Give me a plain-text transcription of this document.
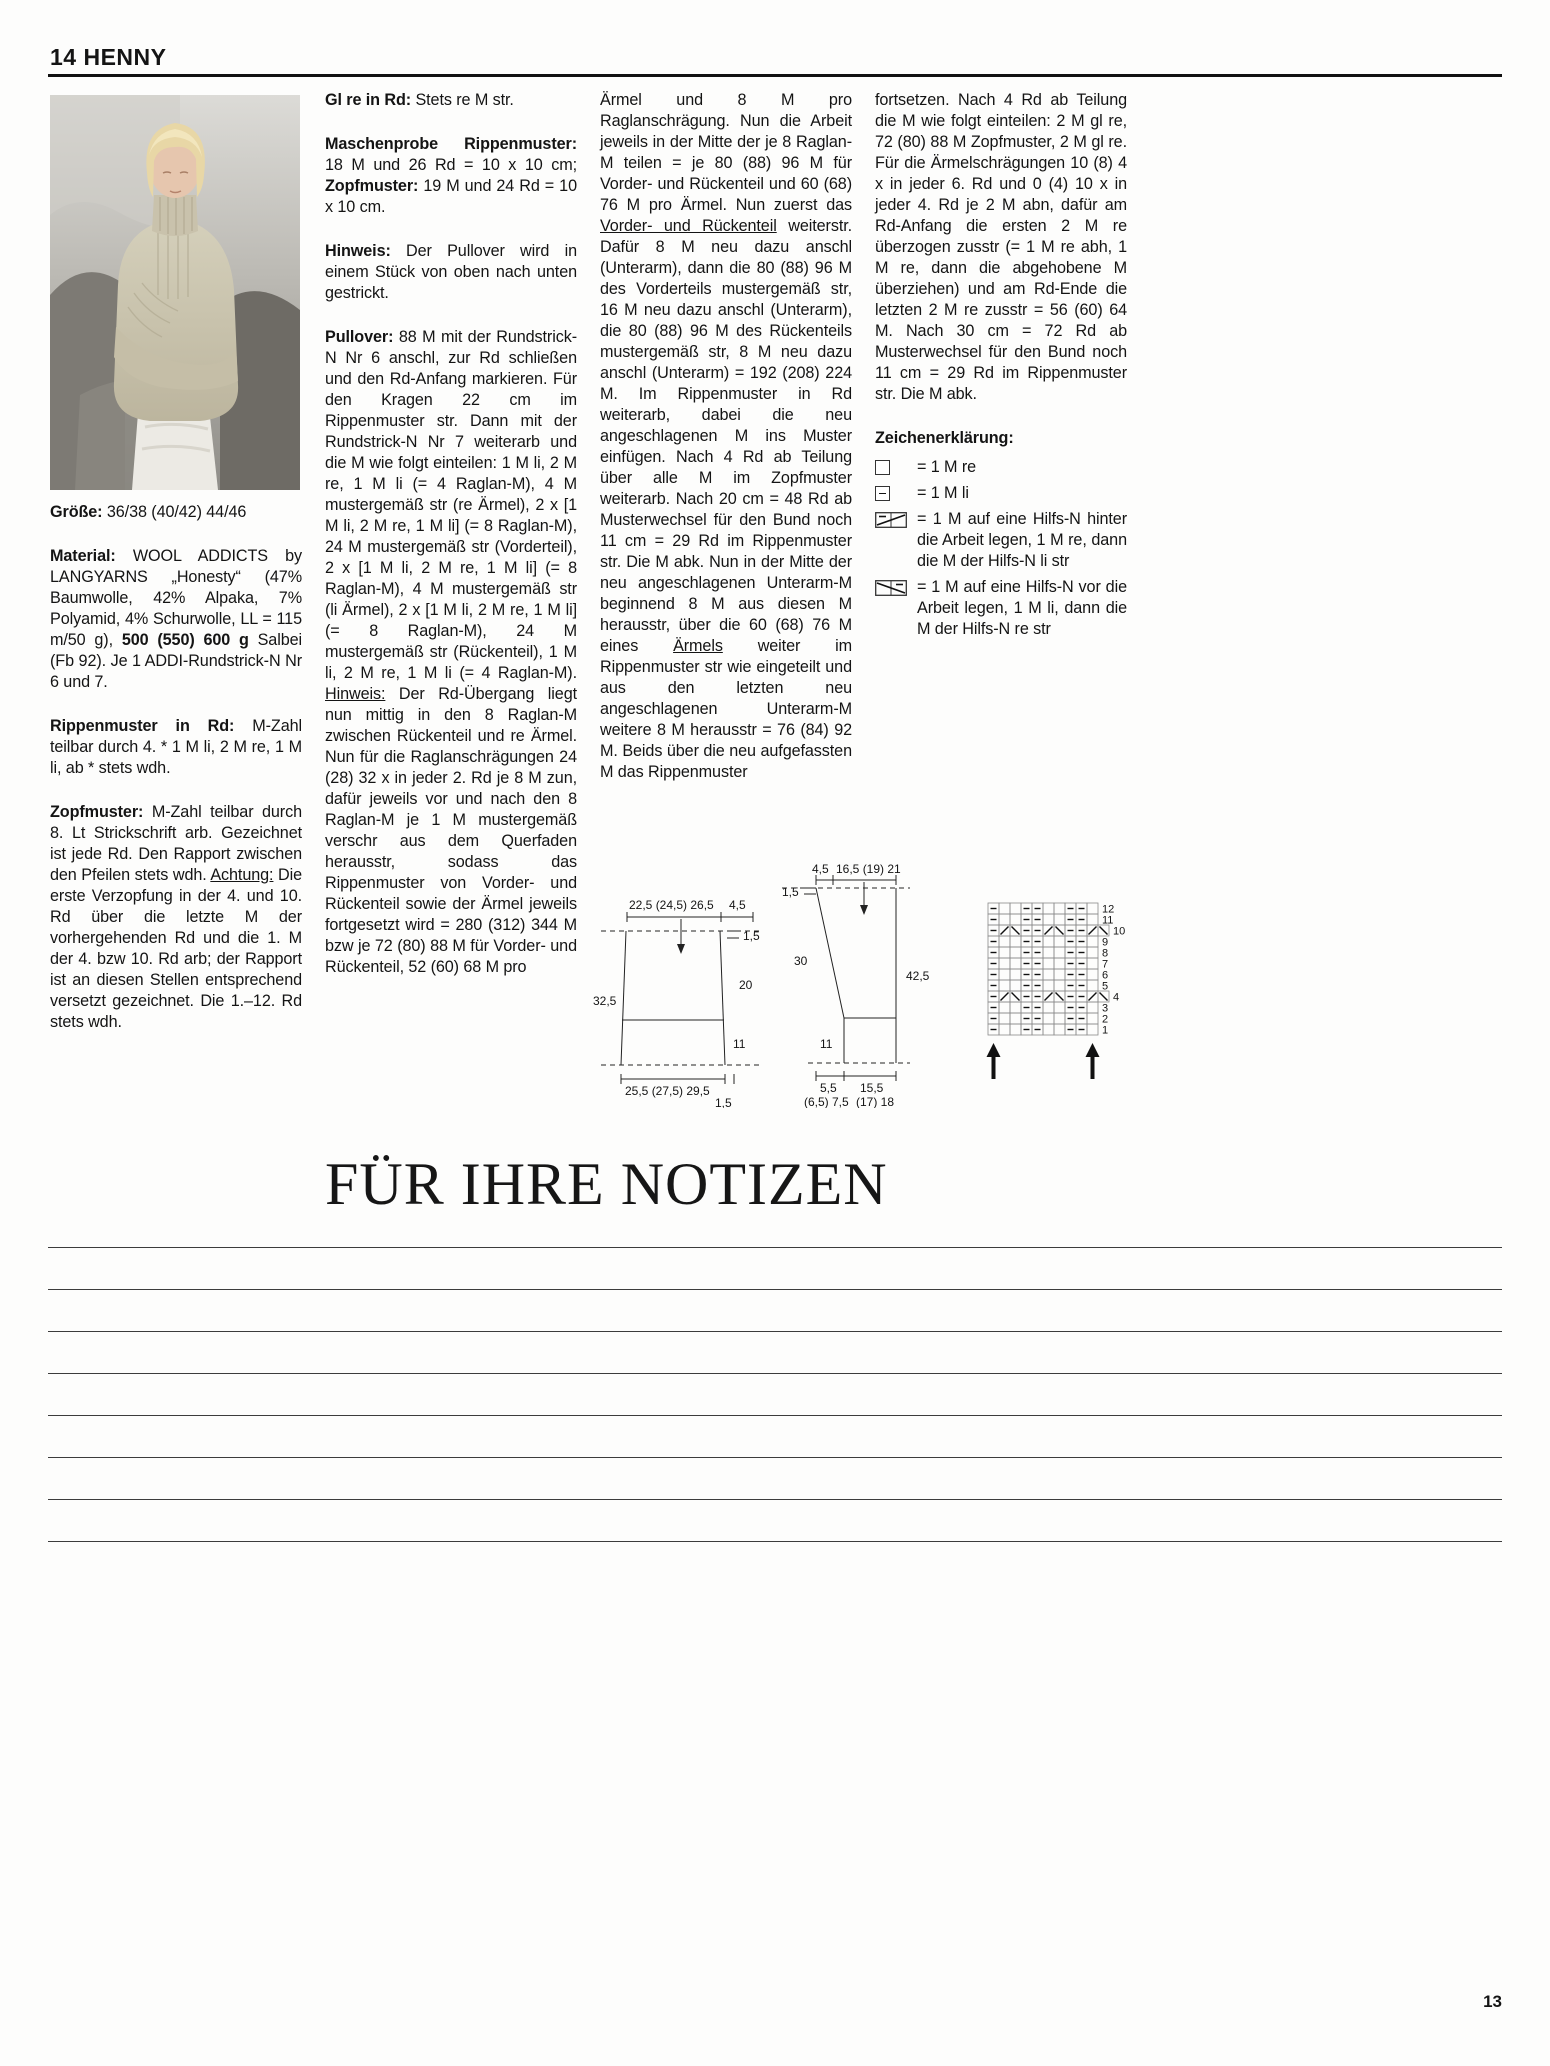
14 HENNY

Größe: 36/38 (40/42) 44/46

Material: WOOL ADDICTS by LANGYARNS „Honesty“ (47% Baumwolle, 42% Alpaka, 7% Polyamid, 4% Schurwolle, LL = 115 m/50 g), 500 (550) 600 g Salbei (Fb 92). Je 1 ADDI-Rundstrick-N Nr 6 und 7.

Rippenmuster in Rd: M-Zahl teilbar durch 4. * 1 M li, 2 M re, 1 M li, ab * stets wdh.

Zopfmuster: M-Zahl teilbar durch 8. Lt Strickschrift arb. Gezeichnet ist jede Rd. Den Rapport zwischen den Pfeilen stets wdh. Achtung: Die erste Verzopfung in der 4. und 10. Rd über die letzte M der vorhergehenden Rd und die 1. M der 4. bzw 10. Rd arb; der Rapport ist an diesen Stellen entsprechend versetzt gezeichnet. Die 1.–12. Rd stets wdh.

Gl re in Rd: Stets re M str.

Maschenprobe Rippenmuster: 18 M und 26 Rd = 10 x 10 cm; Zopfmuster: 19 M und 24 Rd = 10 x 10 cm.

Hinweis: Der Pullover wird in einem Stück von oben nach unten gestrickt.

Pullover: 88 M mit der Rundstrick-N Nr 6 anschl, zur Rd schließen und den Rd-Anfang markieren. Für den Kragen 22 cm im Rippenmuster str. Dann mit der Rundstrick-N Nr 7 weiterarb und die M wie folgt einteilen: 1 M li, 2 M re, 1 M li (= 4 Raglan-M), 4 M mustergemäß str (re Ärmel), 2 x [1 M li, 2 M re, 1 M li] (= 8 Raglan-M), 24 M mustergemäß str (Vorderteil), 2 x [1 M li, 2 M re, 1 M li] (= 8 Raglan-M), 4 M mustergemäß str (li Ärmel), 2 x [1 M li, 2 M re, 1 M li] (= 8 Raglan-M), 24 M mustergemäß str (Rückenteil), 1 M li, 2 M re, 1 M li (= 4 Raglan-M). Hinweis: Der Rd-Übergang liegt nun mittig in den 8 Raglan-M zwischen Rückenteil und re Ärmel. Nun für die Raglanschrägungen 24 (28) 32 x in jeder 2. Rd je 8 M zun, dafür jeweils vor und nach den 8 Raglan-M je 1 M mustergemäß verschr aus dem Querfaden herausstr, sodass das Rippenmuster von Vorder- und Rückenteil sowie der Ärmel jeweils fortgesetzt wird = 280 (312) 344 M bzw je 72 (80) 88 M für Vorder- und Rückenteil, 52 (60) 68 M pro

Ärmel und 8 M pro Raglanschrägung. Nun die Arbeit jeweils in der Mitte der je 8 Raglan-M teilen = je 80 (88) 96 M für Vorder- und Rückenteil und 60 (68) 76 M pro Ärmel. Nun zuerst das Vorder- und Rückenteil weiterstr. Dafür 8 M neu dazu anschl (Unterarm), dann die 80 (88) 96 M des Vorderteils mustergemäß str, 16 M neu dazu anschl (Unterarm), die 80 (88) 96 M des Rückenteils mustergemäß str, 8 M neu dazu anschl (Unterarm) = 192 (208) 224 M. Im Rippenmuster in Rd weiterarb, dabei die neu angeschlagenen M ins Muster einfügen. Nach 4 Rd ab Teilung über alle M im Zopfmuster weiterarb. Nach 20 cm = 48 Rd ab Musterwechsel für den Bund noch 11 cm = 29 Rd im Rippenmuster str. Die M abk. Nun in der Mitte der neu angeschlagenen Unterarm-M beginnend 8 M aus diesen M herausstr, über die 60 (68) 76 M eines Ärmels weiter im Rippenmuster str wie eingeteilt und aus den letzten neu angeschlagenen Unterarm-M weitere 8 M herausstr = 76 (84) 92 M. Beids über die neu aufgefassten M das Rippenmuster

fortsetzen. Nach 4 Rd ab Teilung die M wie folgt einteilen: 2 M gl re, 72 (80) 88 M Zopfmuster, 2 M gl re. Für die Ärmelschrägungen 10 (8) 4 x in jeder 6. Rd und 0 (4) 10 x in jeder 4. Rd je 2 M abn, dafür am Rd-Anfang die ersten 2 M re überzogen zusstr (= 1 M re abh, 1 M re, dann die abgehobene M überziehen) und am Rd-Ende die letzten 2 M re zusstr = 56 (60) 64 M. Nach 30 cm = 72 Rd ab Musterwechsel für den Bund noch 11 cm = 29 Rd im Rippenmuster str. Die M abk.

Zeichenerklärung:

= 1 M re
= 1 M li
= 1 M auf eine Hilfs-N hinter die Arbeit legen, 1 M re, dann die M der Hilfs-N li str
= 1 M auf eine Hilfs-N vor die Arbeit legen, 1 M li, dann die M der Hilfs-N re str
22,5 (24,5) 26,5 4,5
1,5
20
32,5
11
25,5 (27,5) 29,5
1,5
4,5 16,5 (19) 21
1,5
30
42,5
11
5,5 15,5
(6,5) 7,5 (17) 18
12
11
10
9
8
7
6
5
4
3
2
1
FÜR IHRE NOTIZEN
13
